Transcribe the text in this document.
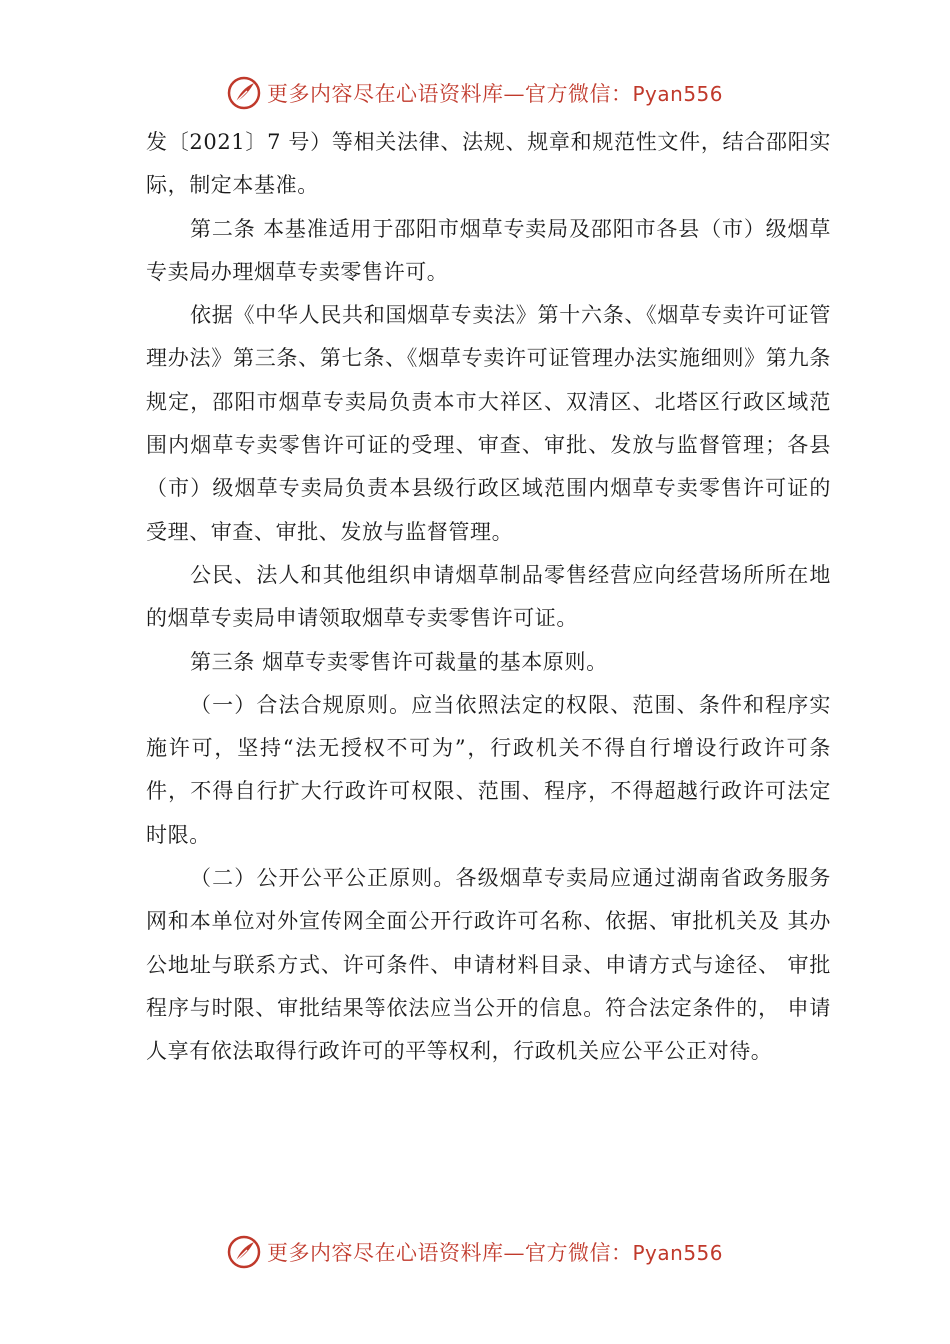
更多内容尽在心语资料库—官方微信：Pyan556

发〔2021〕7 号）等相关法律、法规、规章和规范性文件，结合邵阳实际，制定本基准。

第二条 本基准适用于邵阳市烟草专卖局及邵阳市各县（市）级烟草专卖局办理烟草专卖零售许可。

依据《中华人民共和国烟草专卖法》第十六条、《烟草专卖许可证管理办法》第三条、第七条、《烟草专卖许可证管理办法实施细则》第九条规定，邵阳市烟草专卖局负责本市大祥区、双清区、北塔区行政区域范围内烟草专卖零售许可证的受理、审查、审批、发放与监督管理；各县（市）级烟草专卖局负责本县级行政区域范围内烟草专卖零售许可证的受理、审查、审批、发放与监督管理。

公民、法人和其他组织申请烟草制品零售经营应向经营场所所在地的烟草专卖局申请领取烟草专卖零售许可证。

第三条 烟草专卖零售许可裁量的基本原则。

（一）合法合规原则。应当依照法定的权限、范围、条件和程序实施许可，坚持“法无授权不可为”，行政机关不得自行增设行政许可条件，不得自行扩大行政许可权限、范围、程序，不得超越行政许可法定时限。

（二）公开公平公正原则。各级烟草专卖局应通过湖南省政务服务网和本单位对外宣传网全面公开行政许可名称、依据、审批机关及 其办公地址与联系方式、许可条件、申请材料目录、申请方式与途径、 审批程序与时限、审批结果等依法应当公开的信息。符合法定条件的， 申请人享有依法取得行政许可的平等权利，行政机关应公平公正对待。

更多内容尽在心语资料库—官方微信：Pyan556
